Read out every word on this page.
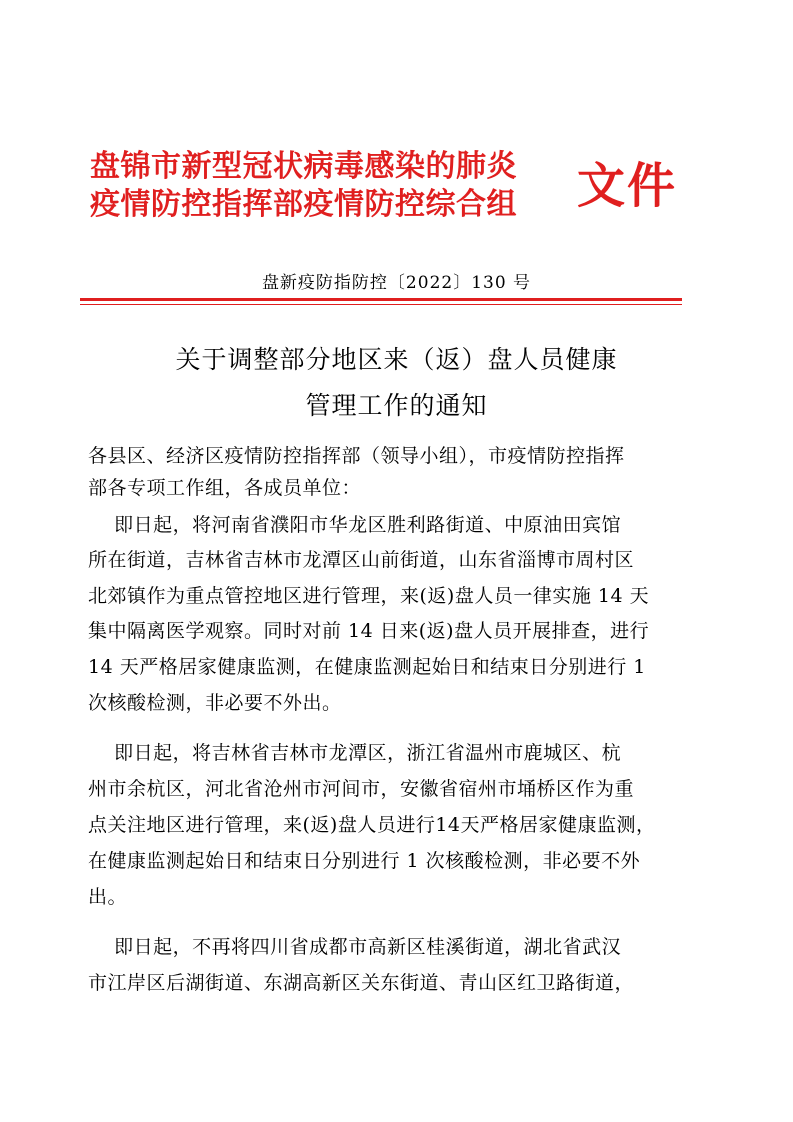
盘锦市新型冠状病毒感染的肺炎
疫情防控指挥部疫情防控综合组 文件
盘新疫防指防控〔2022〕130 号
关于调整部分地区来（返）盘人员健康
管理工作的通知
各县区、经济区疫情防控指挥部（领导小组），市疫情防控指挥
部各专项工作组，各成员单位：
即日起，将河南省濮阳市华龙区胜利路街道、中原油田宾馆
所在街道，吉林省吉林市龙潭区山前街道，山东省淄博市周村区
北郊镇作为重点管控地区进行管理，来(返)盘人员一律实施 14 天
集中隔离医学观察。同时对前 14 日来(返)盘人员开展排查，进行
14 天严格居家健康监测，在健康监测起始日和结束日分别进行 1
次核酸检测，非必要不外出。
即日起，将吉林省吉林市龙潭区，浙江省温州市鹿城区、杭
州市余杭区，河北省沧州市河间市，安徽省宿州市埇桥区作为重
点关注地区进行管理，来(返)盘人员进行14天严格居家健康监测，
在健康监测起始日和结束日分别进行 1 次核酸检测，非必要不外
出。
即日起，不再将四川省成都市高新区桂溪街道，湖北省武汉
市江岸区后湖街道、东湖高新区关东街道、青山区红卫路街道，
